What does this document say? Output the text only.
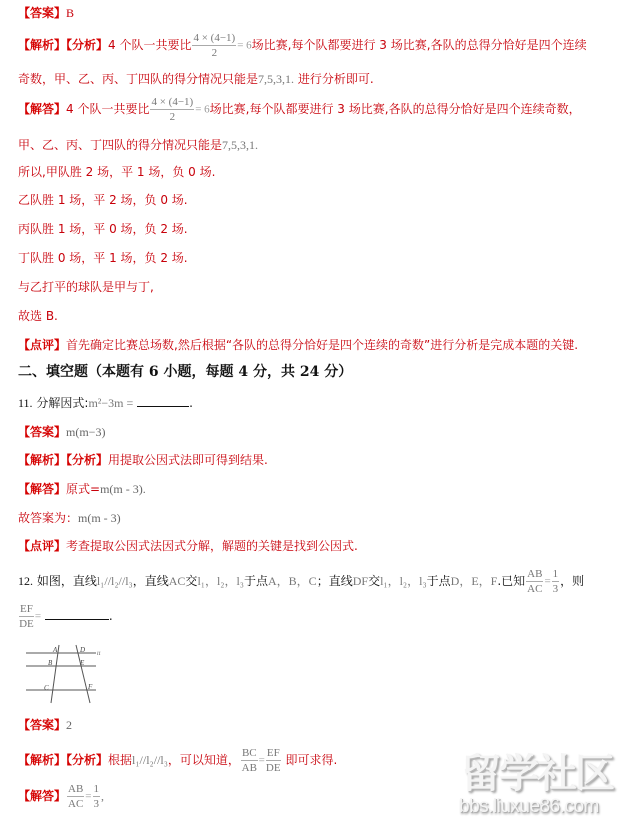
【答案】B
【解析】【分析】4 个队一共要比 $\frac{4 \times (4-1)}{2} = 6$场比赛,每个队都要进行 3 场比赛,各队的总得分恰好是四个连续
奇数，甲、乙、丙、丁四队的得分情况只能是7,5,3,1. 进行分析即可.
【解答】4 个队一共要比 $\frac{4 \times (4-1)}{2} = 6$场比赛,每个队都要进行 3 场比赛,各队的总得分恰好是四个连续奇数，
甲、乙、丙、丁四队的得分情况只能是7,5,3,1.
所以,甲队胜 2 场，平 1 场，负 0 场.
乙队胜 1 场，平 2 场，负 0 场.
丙队胜 1 场，平 0 场，负 2 场.
丁队胜 0 场，平 1 场，负 2 场.
与乙打平的球队是甲与丁,
故选 B.
【点评】首先确定比赛总场数,然后根据“各队的总得分恰好是四个连续的奇数”进行分析是完成本题的关键.
二、填空题（本题有 6 小题，每题 4 分，共 24 分）
11. 分解因式:m²−3m =	.
【答案】m(m−3)
【解析】【分析】用提取公因式法即可得到结果.
【解答】原式=m(m - 3).
故答案为：m(m - 3)
【点评】考查提取公因式法因式分解，解题的关键是找到公因式.
12. 如图，直线l₁//l₂//l₃，直线AC交l₁，l₂，l₃于点A，B，C；直线DF交l₁，l₂，l₃于点D，E，F.已知 $\frac{AB}{AC} = \frac{1}{3}$ ，则
$\frac{EF}{DE}$ =	.
A
B
C
D
E
F
l1
【答案】2
【解析】【分析】根据l₁//l₂//l₃，可以知道， $\frac{BC}{AB} = \frac{EF}{DE}$ 即可求得.
【解答】 $\frac{AB}{AC} = \frac{1}{3}$ ,	留学社区
bbs.liuxue86.com
